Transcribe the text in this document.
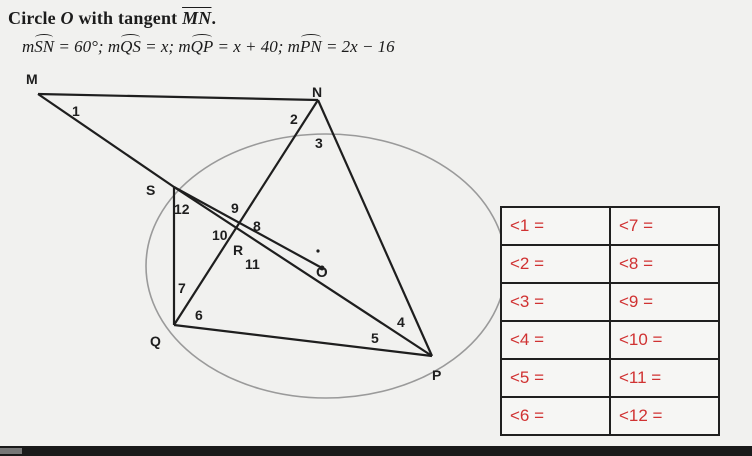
Circle O with tangent $\overline{MN}$.
mSN = 60°; mQS = x; mQP = x + 40; mPN = 2x − 16
M
N
S
Q
P
R
O
1	2
3
4
5
6
7
8
9
10
11
12
<1 =	<7 =
<2 =	<8 =
<3 =	<9 =
<4 =	<10 =
<5 =	<11 =
<6 =	<12 =
